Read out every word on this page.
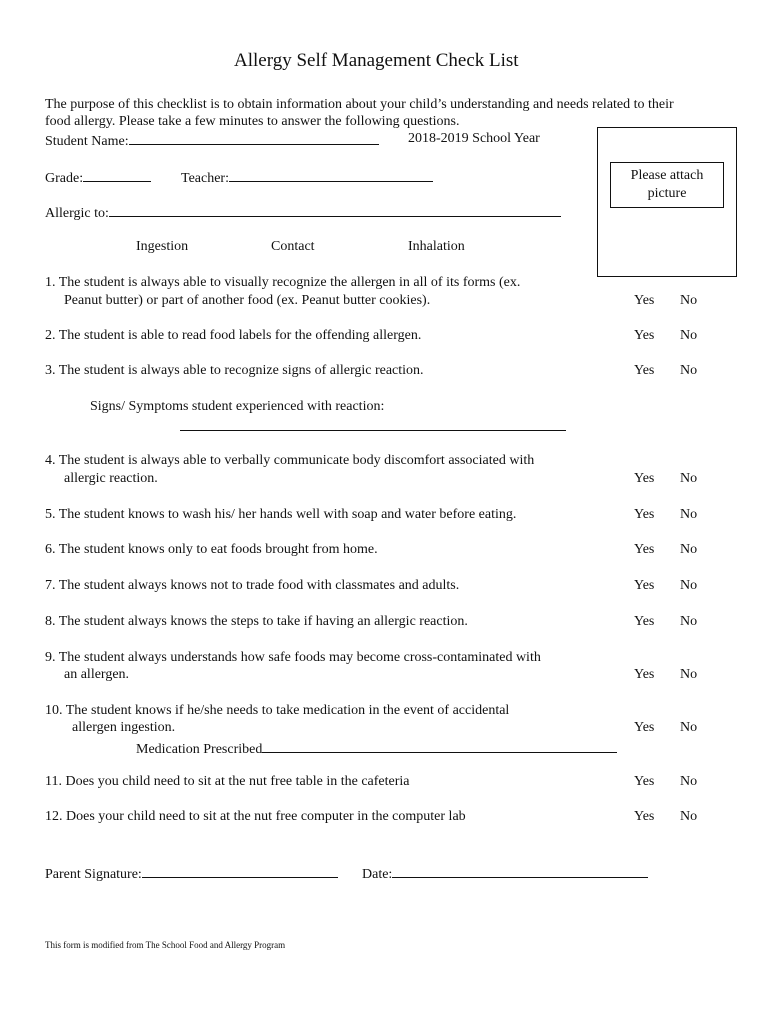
Allergy Self Management Check List
The purpose of this checklist is to obtain information about your child’s understanding and needs related to their
food allergy. Please take a few minutes to answer the following questions.
Student Name:	2018-2019 School Year
Grade:	Teacher:
Allergic to:
Please attach
picture
Ingestion	Contact	Inhalation
1. The student is always able to visually recognize the allergen in all of its forms (ex.
Peanut butter) or part of another food (ex. Peanut butter cookies).	Yes No
2. The student is able to read food labels for the offending allergen.	Yes No
3. The student is always able to recognize signs of allergic reaction.	Yes No
Signs/ Symptoms student experienced with reaction:
4. The student is always able to verbally communicate body discomfort associated with
allergic reaction.	Yes No
5. The student knows to wash his/ her hands well with soap and water before eating.	Yes No
6. The student knows only to eat foods brought from home.	Yes No
7. The student always knows not to trade food with classmates and adults.	Yes No
8. The student always knows the steps to take if having an allergic reaction.	Yes No
9. The student always understands how safe foods may become cross-contaminated with
an allergen.	Yes No
10. The student knows if he/she needs to take medication in the event of accidental
allergen ingestion.	Yes No
Medication Prescribed
11. Does you child need to sit at the nut free table in the cafeteria	Yes No
12. Does your child need to sit at the nut free computer in the computer lab	Yes No
Parent Signature:	Date:
This form is modified from The School Food and Allergy Program
